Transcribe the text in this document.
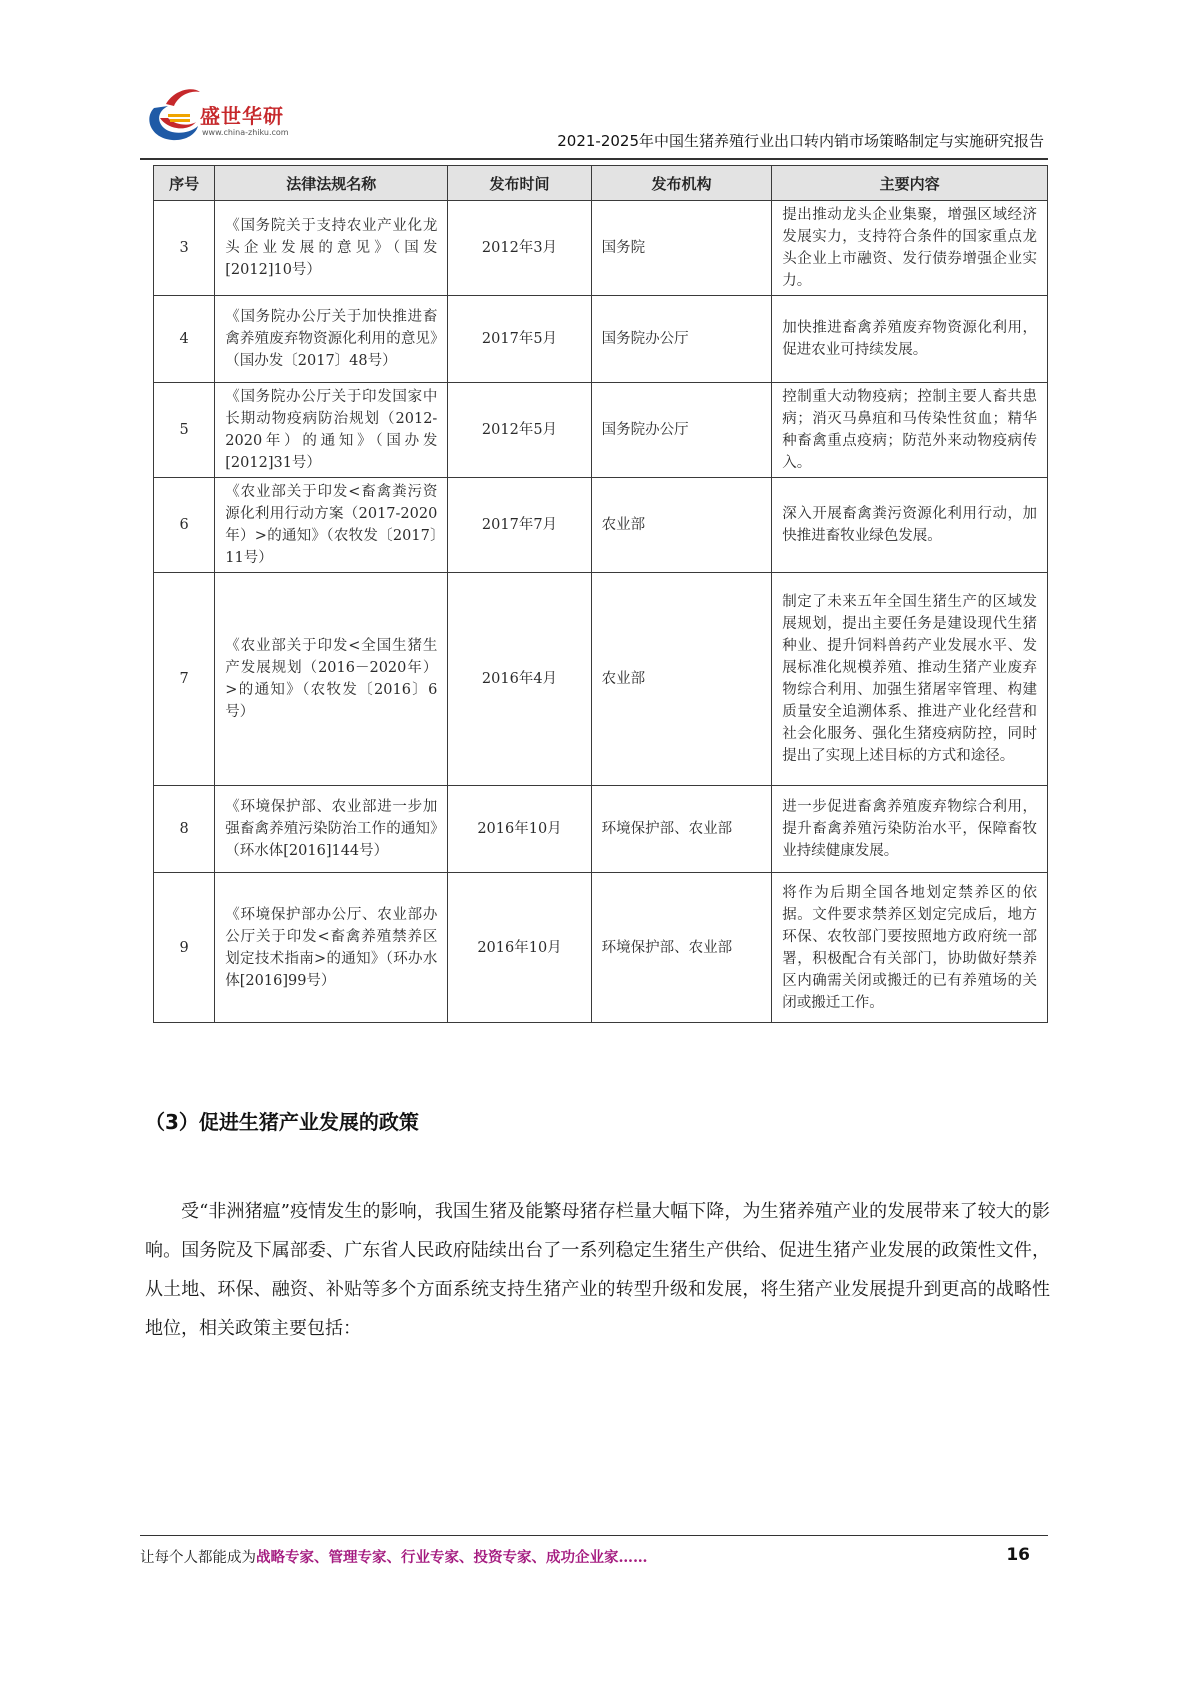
盛世华研
www.china-zhiku.com	2021-2025年中国生猪养殖行业出口转内销市场策略制定与实施研究报告
序号	法律法规名称	发布时间	发布机构	主要内容
3	《国务院关于支持农业产业化龙头企业发展的意见》（国发[2012]10号）	2012年3月	国务院	提出推动龙头企业集聚，增强区域经济发展实力，支持符合条件的国家重点龙头企业上市融资、发行债券增强企业实力。
4	《国务院办公厅关于加快推进畜禽养殖废弃物资源化利用的意见》（国办发〔2017〕48号）	2017年5月	国务院办公厅	加快推进畜禽养殖废弃物资源化利用，促进农业可持续发展。
5	《国务院办公厅关于印发国家中长期动物疫病防治规划（2012-2020年）的通知》（国办发[2012]31号）	2012年5月	国务院办公厅	控制重大动物疫病；控制主要人畜共患病；消灭马鼻疽和马传染性贫血；精华种畜禽重点疫病；防范外来动物疫病传入。
6	《农业部关于印发<畜禽粪污资源化利用行动方案（2017-2020年）>的通知》（农牧发〔2017〕11号）	2017年7月	农业部	深入开展畜禽粪污资源化利用行动，加快推进畜牧业绿色发展。
7	《农业部关于印发<全国生猪生产发展规划（2016－2020年）>的通知》（农牧发〔2016〕6号）	2016年4月	农业部	制定了未来五年全国生猪生产的区域发展规划，提出主要任务是建设现代生猪种业、提升饲料兽药产业发展水平、发展标准化规模养殖、推动生猪产业废弃物综合利用、加强生猪屠宰管理、构建质量安全追溯体系、推进产业化经营和社会化服务、强化生猪疫病防控，同时提出了实现上述目标的方式和途径。
8	《环境保护部、农业部进一步加强畜禽养殖污染防治工作的通知》（环水体[2016]144号）	2016年10月	环境保护部、农业部	进一步促进畜禽养殖废弃物综合利用，提升畜禽养殖污染防治水平，保障畜牧业持续健康发展。
9	《环境保护部办公厅、农业部办公厅关于印发<畜禽养殖禁养区划定技术指南>的通知》（环办水体[2016]99号）	2016年10月	环境保护部、农业部	将作为后期全国各地划定禁养区的依据。文件要求禁养区划定完成后，地方环保、农牧部门要按照地方政府统一部署，积极配合有关部门，协助做好禁养区内确需关闭或搬迁的已有养殖场的关闭或搬迁工作。
（3）促进生猪产业发展的政策

受“非洲猪瘟”疫情发生的影响，我国生猪及能繁母猪存栏量大幅下降，为生猪养殖产业的发展带来了较大的影响。国务院及下属部委、广东省人民政府陆续出台了一系列稳定生猪生产供给、促进生猪产业发展的政策性文件，从土地、环保、融资、补贴等多个方面系统支持生猪产业的转型升级和发展，将生猪产业发展提升到更高的战略性地位，相关政策主要包括：

让每个人都能成为战略专家、管理专家、行业专家、投资专家、成功企业家……	16
